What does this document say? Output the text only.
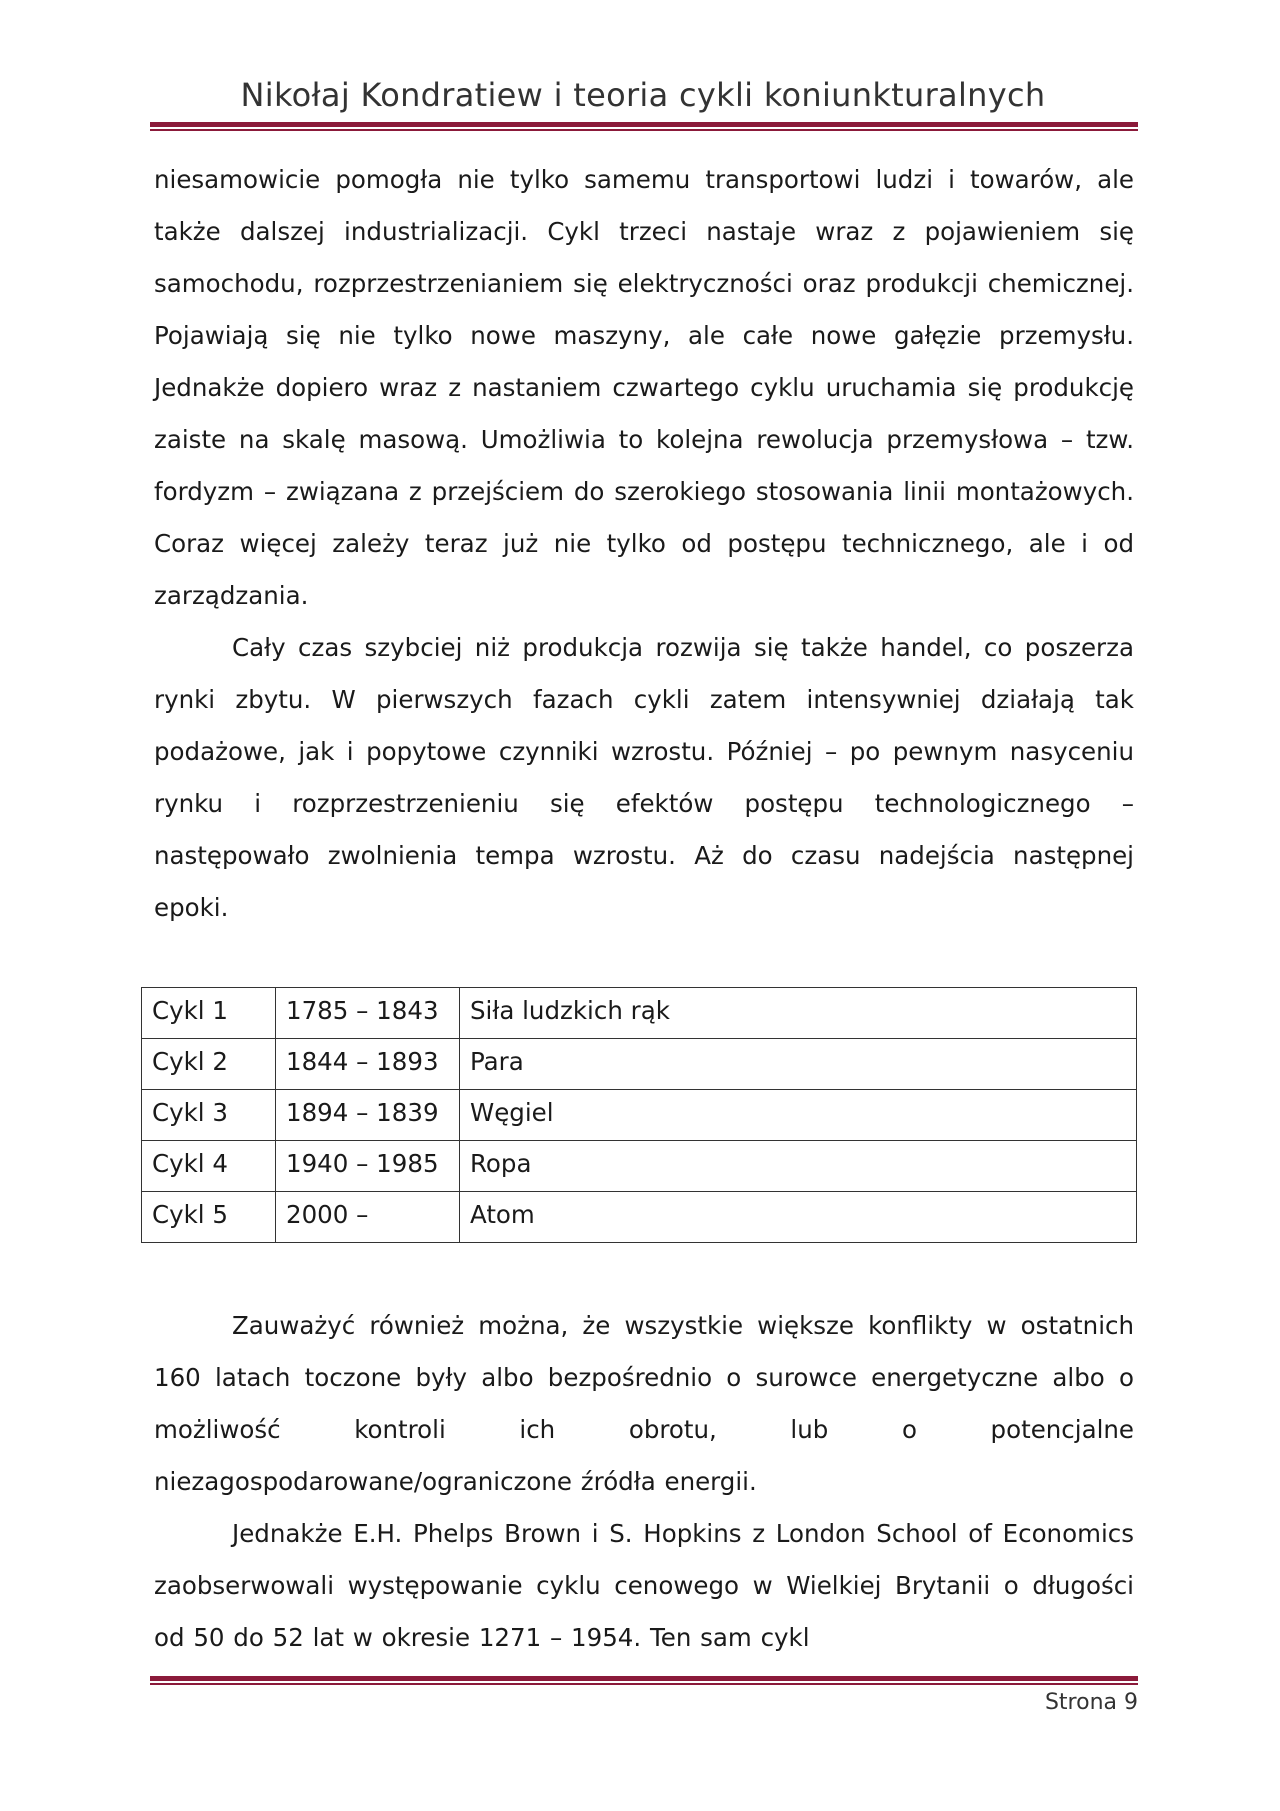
Nikołaj Kondratiew i teoria cykli koniunkturalnych

niesamowicie pomogła nie tylko samemu transportowi ludzi i towarów, ale także dalszej industrializacji. Cykl trzeci nastaje wraz z pojawieniem się samochodu, rozprzestrzenianiem się elektryczności oraz produkcji chemicznej. Pojawiają się nie tylko nowe maszyny, ale całe nowe gałęzie przemysłu. Jednakże dopiero wraz z nastaniem czwartego cyklu uruchamia się produkcję zaiste na skalę masową. Umożliwia to kolejna rewolucja przemysłowa – tzw. fordyzm – związana z przejściem do szerokiego stosowania linii montażowych. Coraz więcej zależy teraz już nie tylko od postępu technicznego, ale i od zarządzania.

Cały czas szybciej niż produkcja rozwija się także handel, co poszerza rynki zbytu. W pierwszych fazach cykli zatem intensywniej działają tak podażowe, jak i popytowe czynniki wzrostu. Później – po pewnym nasyceniu rynku i rozprzestrzenieniu się efektów postępu technologicznego – następowało zwolnienia tempa wzrostu. Aż do czasu nadejścia następnej epoki.

Cykl 1	1785 – 1843	Siła ludzkich rąk
Cykl 2	1844 – 1893	Para
Cykl 3	1894 – 1839	Węgiel
Cykl 4	1940 – 1985	Ropa
Cykl 5	2000 –	Atom

Zauważyć również można, że wszystkie większe konflikty w ostatnich 160 latach toczone były albo bezpośrednio o surowce energetyczne albo o możliwość kontroli ich obrotu, lub o potencjalne niezagospodarowane/ograniczone źródła energii.

Jednakże E.H. Phelps Brown i S. Hopkins z London School of Economics zaobserwowali występowanie cyklu cenowego w Wielkiej Brytanii o długości od 50 do 52 lat w okresie 1271 – 1954. Ten sam cykl

Strona 9
